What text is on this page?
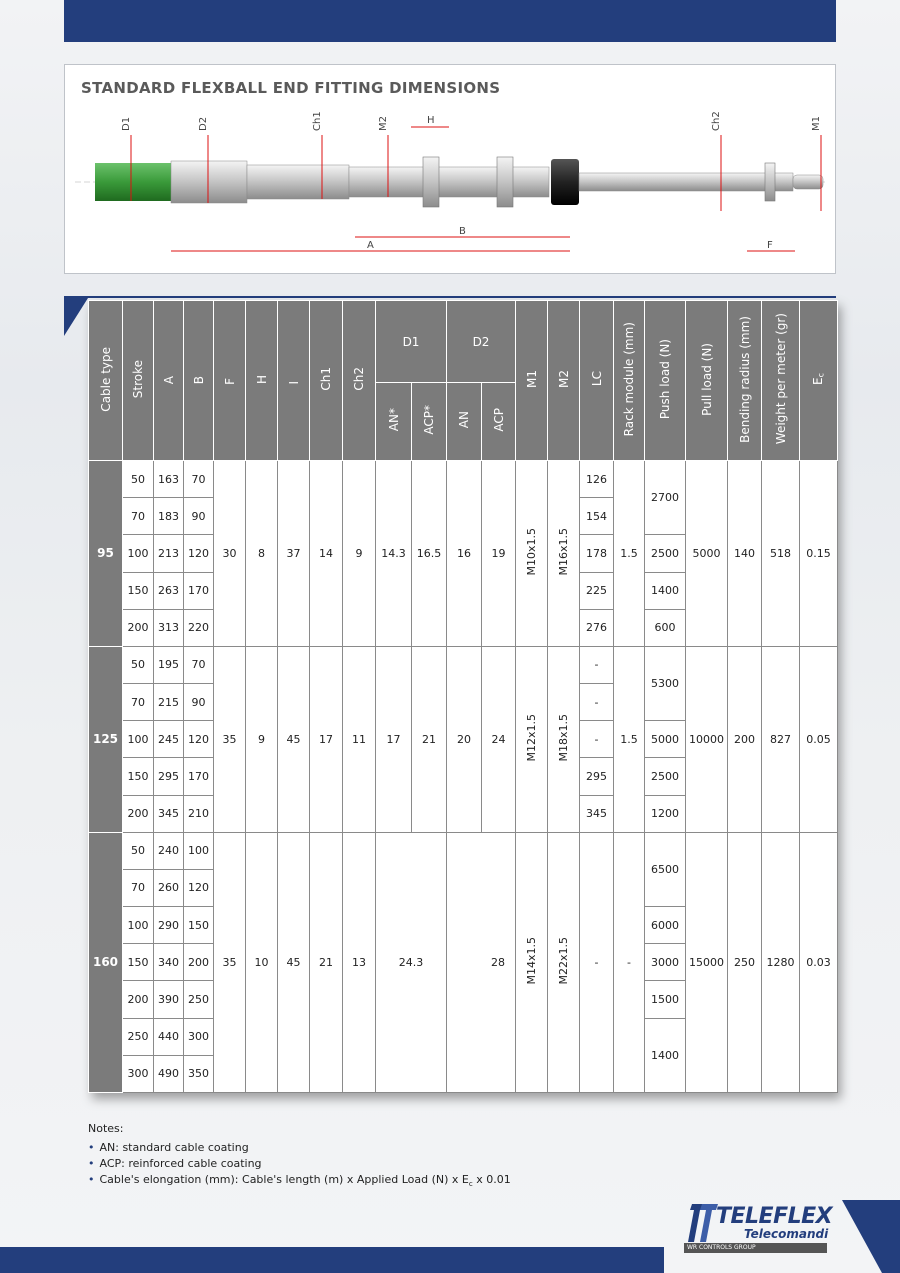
STANDARD FLEXBALL END FITTING DIMENSIONS
D1	D2	Ch1	M2	H	Ch2	M1
B
A	F
Cable type	Stroke	A	B	F	H	I	Ch1	Ch2	D1		D2		M1	M2	LC	Rack module (mm)	Push load (N)	Pull load (N)	Bending radius (mm)	Weight per meter (gr)	$E_c$
									AN*	ACP*	AN	ACP									
95	50	163	70	30	8	37	14	9	14.3	16.5	16	19	M10x1.5	M16x1.5	126	1.5	2700	5000	140	518	0.15

	70	183	90												154						

	100	213	120												178		2500				

	150	263	170												225		1400				

	200	313	220												276		600				

125	50	195	70	35	9	45	17	11	17	21	20	24	M12x1.5	M18x1.5	-	1.5	5300	10000	200	827	0.05

	70	215	90												-						

	100	245	120												-		5000				

	150	295	170												295		2500				

	200	345	210												345		1200				

160	50	240	100	35	10	45	21	13	24.3		28		M14x1.5	M22x1.5	-	-	6500	15000	250	1280	0.03

	70	260	120																		

	100	290	150														6000				

	150	340	200														3000				

	200	390	250														1500				

	250	440	300														1400				

	300	490	350																		

Notes:
• AN: standard cable coating
• ACP: reinforced cable coating
• Cable's elongation (mm): Cable's length (m) x Applied Load (N) x $E_c$ x 0.01
TELEFLEX
Telecomandi
WR CONTROLS GROUP
